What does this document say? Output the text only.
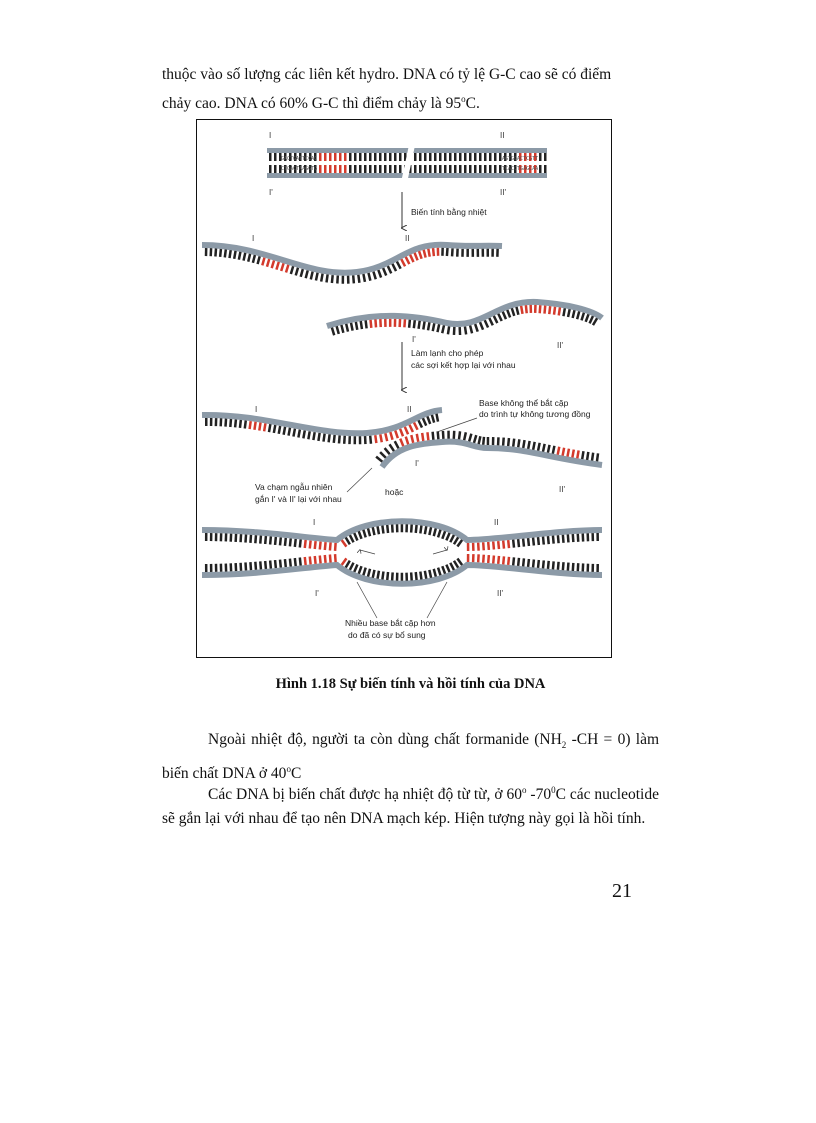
thuộc vào số lượng các liên kết hydro. DNA có tỷ lệ G-C cao sẽ có điểm
chảy cao. DNA có 60% G-C thì điểm chảy là 95$^o$C.

I	II
I'	II'
GACTGATTCCAC
CTGACTAAGGTG
AGTGGACTCGTT
TCACCTGAGCAA
Biến tính bằng nhiệt
I	II
I'
II'
Làm lạnh cho phép
các sợi kết hợp lại với nhau
I	II
I'
II'
Base không thể bắt cặp
do trình tự không tương đồng
Va chạm ngẫu nhiên
gắn I' và II' lại với nhau
hoặc
I	II
I'	II'
Nhiều base bắt cặp hơn
do đã có sự bổ sung

Hình 1.18 Sự biến tính và hồi tính của DNA

Ngoài nhiệt độ, người ta còn dùng chất formanide ($NH_2$ -CH = 0) làm biến chất DNA ở 40$^o$C

Các DNA bị biến chất được hạ nhiệt độ từ từ, ở 60$^o$ $-70^0C$ các nucleotide sẽ gắn lại với nhau để tạo nên DNA mạch kép. Hiện tượng này gọi là hồi tính.

21
